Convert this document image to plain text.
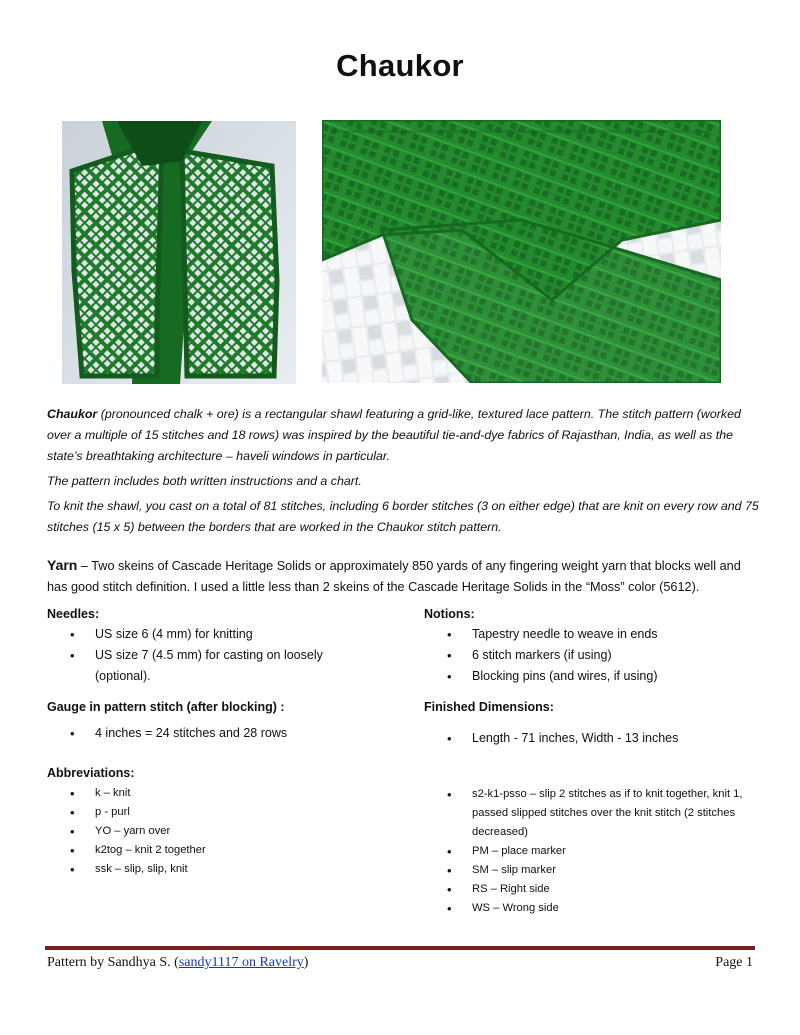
Chaukor

Chaukor (pronounced chalk + ore) is a rectangular shawl featuring a grid-like, textured lace pattern. The stitch pattern (worked over a multiple of 15 stitches and 18 rows) was inspired by the beautiful tie-and-dye fabrics of Rajasthan, India, as well as the state’s breathtaking architecture – haveli windows in particular.

The pattern includes both written instructions and a chart.

To knit the shawl, you cast on a total of 81 stitches, including 6 border stitches (3 on either edge) that are knit on every row and 75 stitches (15 x 5) between the borders that are worked in the Chaukor stitch pattern.

Yarn – Two skeins of Cascade Heritage Solids or approximately 850 yards of any fingering weight yarn that blocks well and has good stitch definition. I used a little less than 2 skeins of the Cascade Heritage Solids in the “Moss” color (5612).
Needles:
• US size 6 (4 mm) for knitting
• US size 7 (4.5 mm) for casting on loosely (optional).
Notions:
• Tapestry needle to weave in ends
• 6 stitch markers (if using)
• Blocking pins (and wires, if using)
Gauge in pattern stitch (after blocking) :
• 4 inches = 24 stitches and 28 rows
Finished Dimensions:
• Length - 71 inches, Width - 13 inches
Abbreviations:
• k – knit
• p - purl
• YO – yarn over
• k2tog – knit 2 together
• ssk – slip, slip, knit
• s2-k1-psso – slip 2 stitches as if to knit together, knit 1, passed slipped stitches over the knit stitch (2 stitches decreased)
• PM – place marker
• SM – slip marker
• RS – Right side
• WS – Wrong side
Pattern by Sandhya S. (sandy1117 on Ravelry)	Page 1
